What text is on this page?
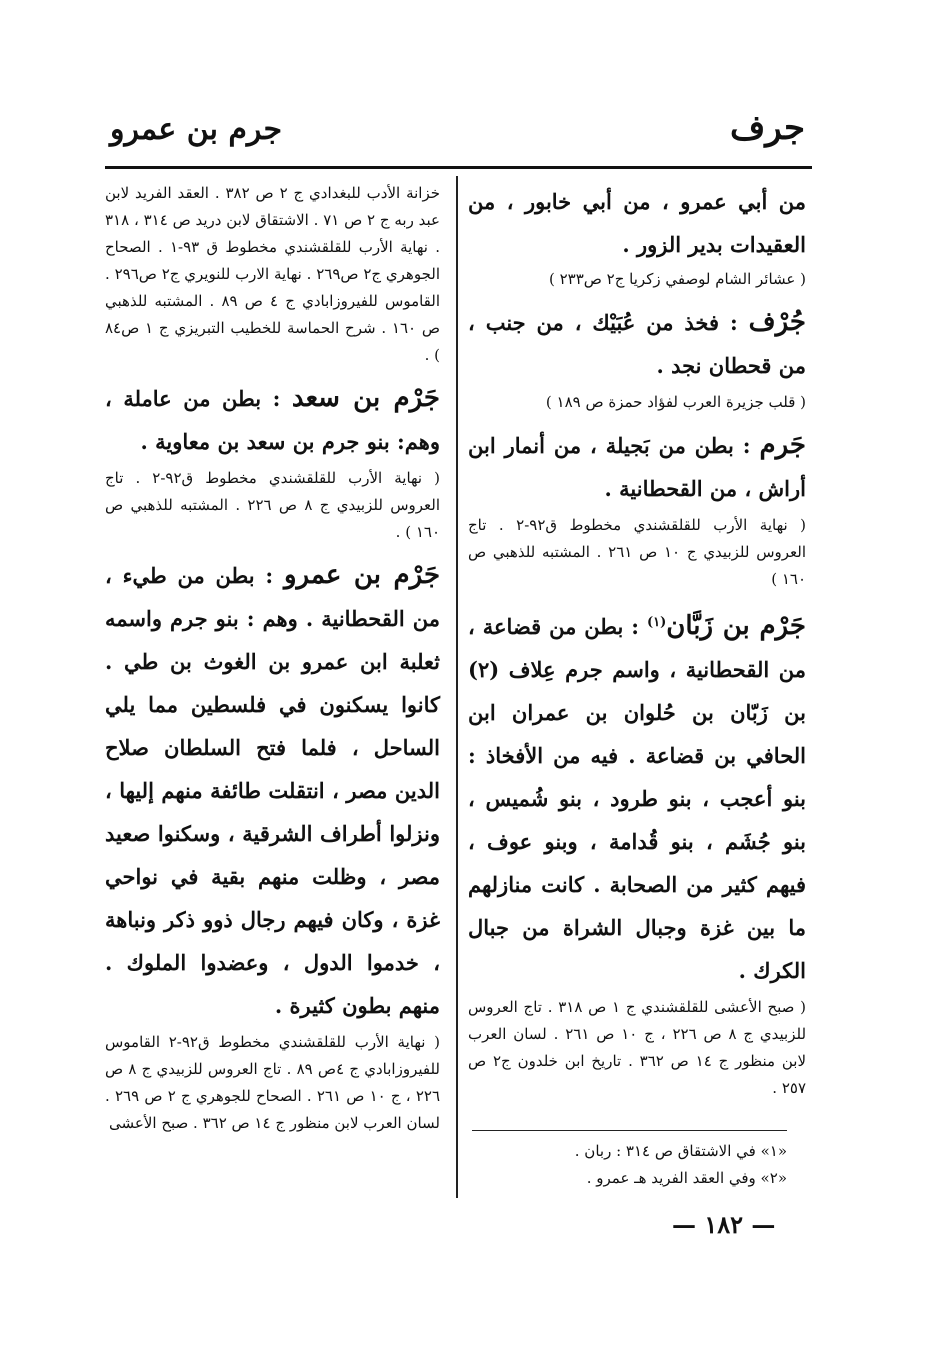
جرف
جرم بن عمرو

من أبي عمرو ، من أبي خابور ، من العقيدات بدير الزور .

( عشائر الشام لوصفي زكريا ج٢ ص٢٣٣ )

جُرْف : فخذ من عُبَيْك ، من جنب ، من قحطان نجد .

( قلب جزيرة العرب لفؤاد حمزة ص ١٨٩ )

جَرم : بطن من بَجيلة ، من أنمار ابن أراش ، من القحطانية .

( نهاية الأرب للقلقشندي مخطوط ق٩٢-٢ . تاج العروس للزبيدي ج ١٠ ص ٢٦١ . المشتبه للذهبي ص ١٦٠ )

جَرْم بن زَبَّان$^{(١)}$ : بطن من قضاعة ، من القحطانية ، واسم جرم عِلاف (٢) بن زَبّان بن حُلوان بن عمران ابن الحافي بن قضاعة . فيه من الأفخاذ : بنو أعجب ، بنو طرود ، بنو شُميس ، بنو جُشَم ، بنو قُدامة ، وبنو عوف ، فيهم كثير من الصحابة . كانت منازلهم ما بين غزة وجبال الشراة من جبال الكرك .

( صبح الأعشى للقلقشندي ج ١ ص ٣١٨ . تاج العروس للزبيدي ج ٨ ص ٢٢٦ ، ج ١٠ ص ٢٦١ . لسان العرب لابن منظور ج ١٤ ص ٣٦٢ . تاريخ ابن خلدون ج٢ ص ٢٥٧ .

خزانة الأدب للبغدادي ج ٢ ص ٣٨٢ . العقد الفريد لابن عبد ربه ج ٢ ص ٧١ . الاشتقاق لابن دريد ص ٣١٤ ، ٣١٨ . نهاية الأرب للقلقشندي مخطوط ق ٩٣-١ . الصحاح الجوهري ج٢ ص٢٦٩ . نهاية الارب للنويري ج٢ ص٢٩٦ . القاموس للفيروزابادي ج ٤ ص ٨٩ . المشتبه للذهبي ص ١٦٠ . شرح الحماسة للخطيب التبريزي ج ١ ص٨٤ ) .

جَرْم بن سعد : بطن من عاملة ، وهم: بنو جرم بن سعد بن معاوية .

( نهاية الأرب للقلقشندي مخطوط ق٩٢-٢ . تاج العروس للزبيدي ج ٨ ص ٢٢٦ . المشتبه للذهبي ص ١٦٠ ) .

جَرْم بن عمرو : بطن من طيء ، من القحطانية . وهم : بنو جرم واسمه ثعلبة ابن عمرو بن الغوث بن طي . كانوا يسكنون في فلسطين مما يلي الساحل ، فلما فتح السلطان صلاح الدين مصر ، انتقلت طائفة منهم إليها ، ونزلوا أطراف الشرقية ، وسكنوا صعيد مصر ، وظلت منهم بقية في نواحي غزة ، وكان فيهم رجال ذوو ذكر ونباهة ، خدموا الدول ، وعضدوا الملوك . منهم بطون كثيرة .

( نهاية الأرب للقلقشندي مخطوط ق٩٢-٢ القاموس للفيروزابادي ج ٤ص ٨٩ . تاج العروس للزبيدي ج ٨ ص ٢٢٦ ، ج ١٠ ص ٢٦١ . الصحاح للجوهري ج ٢ ص ٢٦٩ . لسان العرب لابن منظور ج ١٤ ص ٣٦٢ . صبح الأعشى

«١» في الاشتقاق ص ٣١٤ : ربان .
«٢» وفي العقد الفريد هـ عمرو .
— ١٨٢ —
